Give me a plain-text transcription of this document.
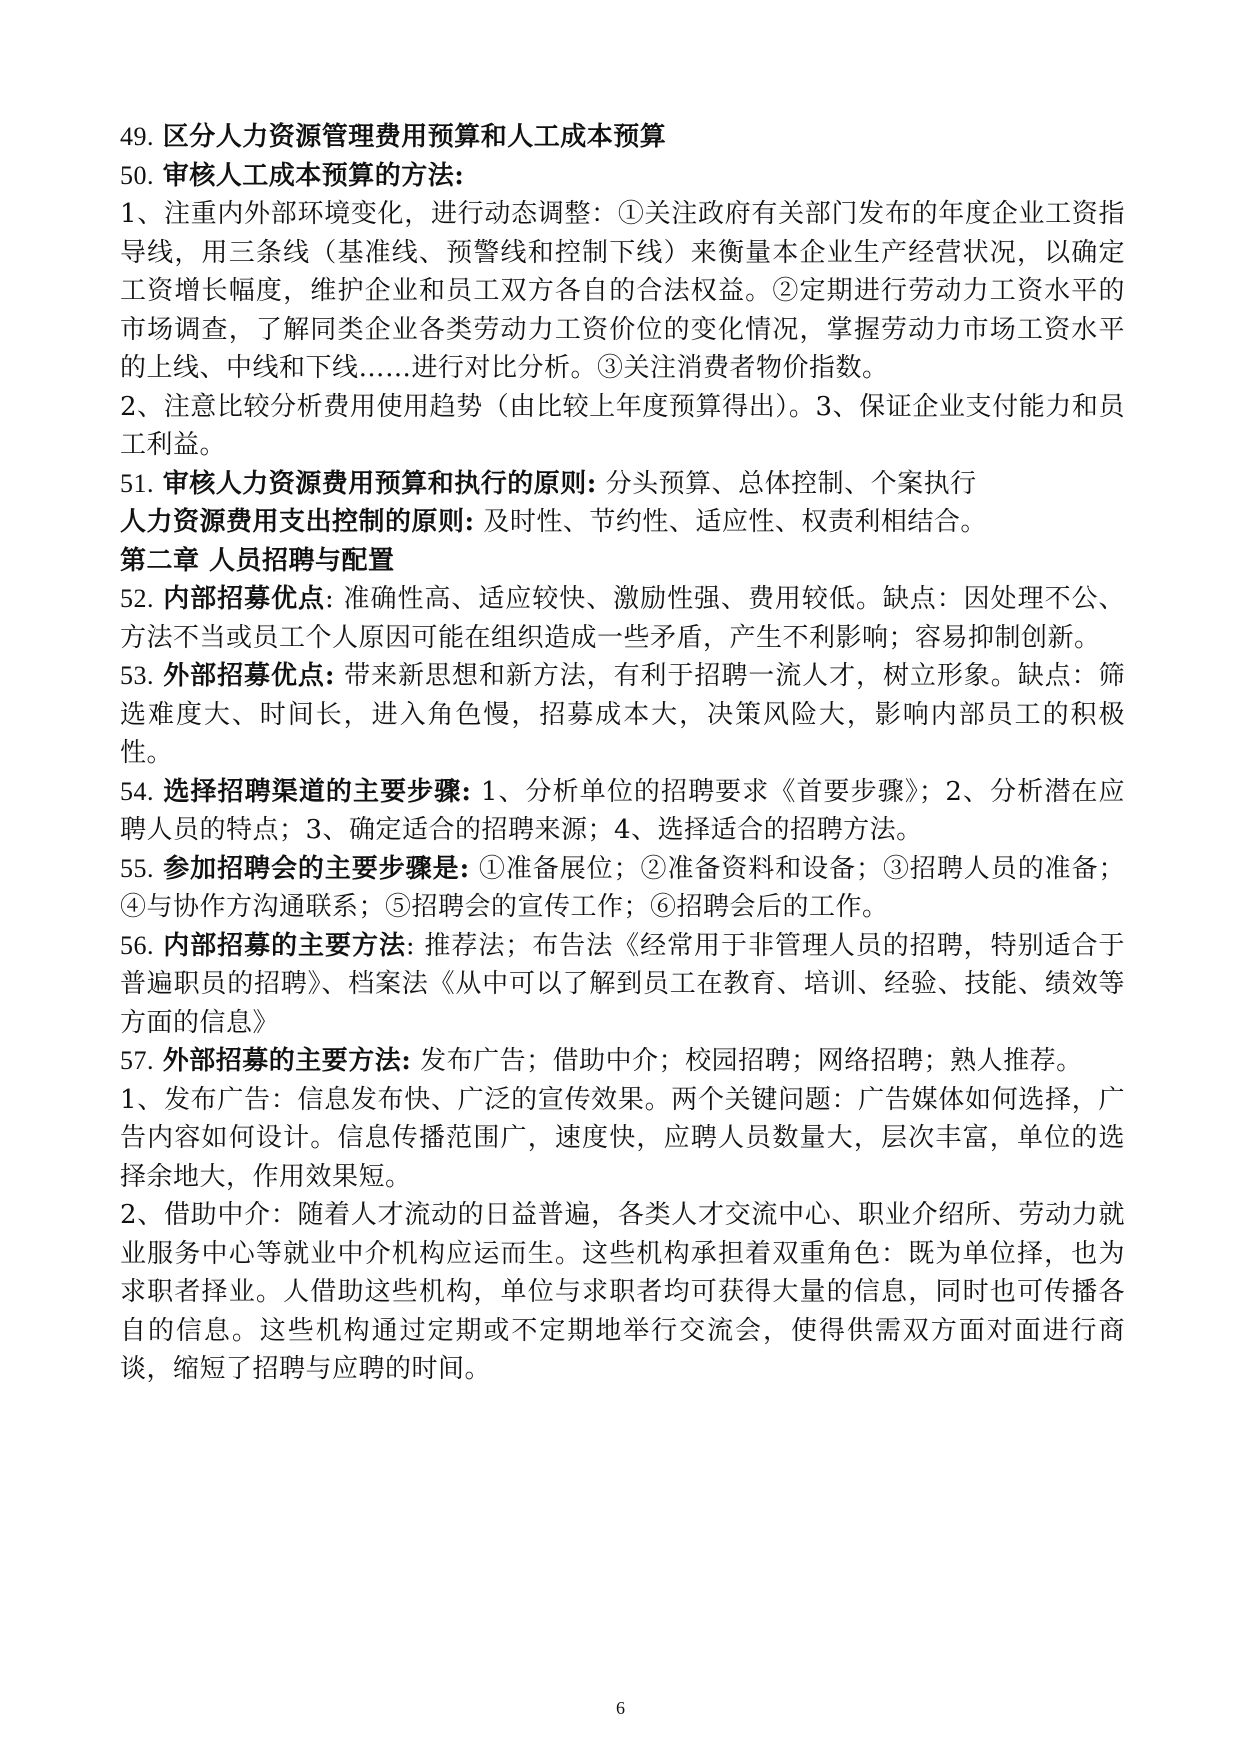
49. 区分人力资源管理费用预算和人工成本预算

50. 审核人工成本预算的方法:

1、注重内外部环境变化，进行动态调整：①关注政府有关部门发布的年度企业工资指导线，用三条线（基准线、预警线和控制下线）来衡量本企业生产经营状况，以确定工资增长幅度，维护企业和员工双方各自的合法权益。②定期进行劳动力工资水平的市场调查，了解同类企业各类劳动力工资价位的变化情况，掌握劳动力市场工资水平的上线、中线和下线……进行对比分析。③关注消费者物价指数。

2、注意比较分析费用使用趋势（由比较上年度预算得出）。3、保证企业支付能力和员工利益。

51. 审核人力资源费用预算和执行的原则: 分头预算、总体控制、个案执行

人力资源费用支出控制的原则: 及时性、节约性、适应性、权责利相结合。

第二章 人员招聘与配置

52. 内部招募优点: 准确性高、适应较快、激励性强、费用较低。缺点：因处理不公、方法不当或员工个人原因可能在组织造成一些矛盾，产生不利影响；容易抑制创新。

53. 外部招募优点: 带来新思想和新方法，有利于招聘一流人才，树立形象。缺点：筛选难度大、时间长，进入角色慢，招募成本大，决策风险大，影响内部员工的积极性。

54. 选择招聘渠道的主要步骤: 1、分析单位的招聘要求《首要步骤》；2、分析潜在应聘人员的特点；3、确定适合的招聘来源；4、选择适合的招聘方法。

55. 参加招聘会的主要步骤是: ①准备展位；②准备资料和设备；③招聘人员的准备；④与协作方沟通联系；⑤招聘会的宣传工作；⑥招聘会后的工作。

56. 内部招募的主要方法: 推荐法；布告法《经常用于非管理人员的招聘，特别适合于普遍职员的招聘》、档案法《从中可以了解到员工在教育、培训、经验、技能、绩效等方面的信息》

57. 外部招募的主要方法: 发布广告；借助中介；校园招聘；网络招聘；熟人推荐。

1、发布广告：信息发布快、广泛的宣传效果。两个关键问题：广告媒体如何选择，广告内容如何设计。信息传播范围广，速度快，应聘人员数量大，层次丰富，单位的选择余地大，作用效果短。

2、借助中介：随着人才流动的日益普遍，各类人才交流中心、职业介绍所、劳动力就业服务中心等就业中介机构应运而生。这些机构承担着双重角色：既为单位择，也为求职者择业。人借助这些机构，单位与求职者均可获得大量的信息，同时也可传播各自的信息。这些机构通过定期或不定期地举行交流会，使得供需双方面对面进行商谈，缩短了招聘与应聘的时间。

6
